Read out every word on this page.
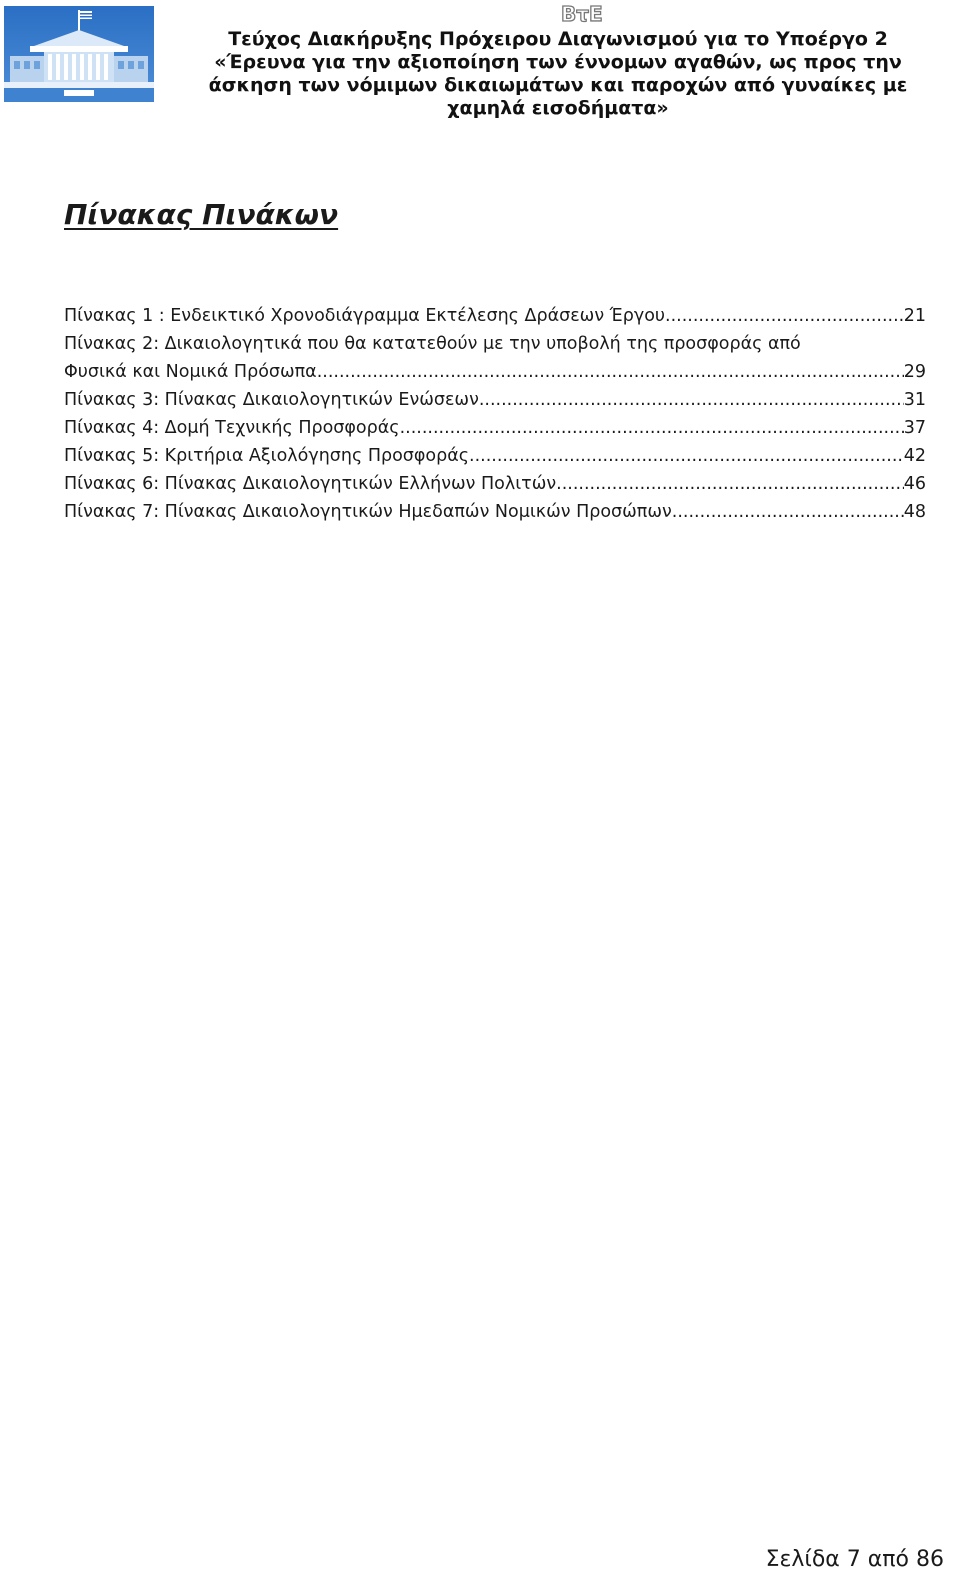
ΒτΕ
Τεύχος Διακήρυξης Πρόχειρου Διαγωνισμού για το Υποέργο 2
«Έρευνα για την αξιοποίηση των έννομων αγαθών, ως προς την
άσκηση των νόμιμων δικαιωμάτων και παροχών από γυναίκες με
χαμηλά εισοδήματα»
Πίνακας Πινάκων
Πίνακας 1 : Ενδεικτικό Χρονοδιάγραμμα Εκτέλεσης Δράσεων Έργου .....	21
Πίνακας 2: Δικαιολογητικά που θα κατατεθούν με την υποβολή της προσφοράς από
Φυσικά και Νομικά Πρόσωπα .....	29
Πίνακας 3: Πίνακας Δικαιολογητικών Ενώσεων .....	31
Πίνακας 4: Δομή Τεχνικής Προσφοράς .....	37
Πίνακας 5: Κριτήρια Αξιολόγησης Προσφοράς .....	42
Πίνακας 6: Πίνακας Δικαιολογητικών Ελλήνων Πολιτών .....	46
Πίνακας 7: Πίνακας Δικαιολογητικών Ημεδαπών Νομικών Προσώπων .....	48
Σελίδα 7 από 86
